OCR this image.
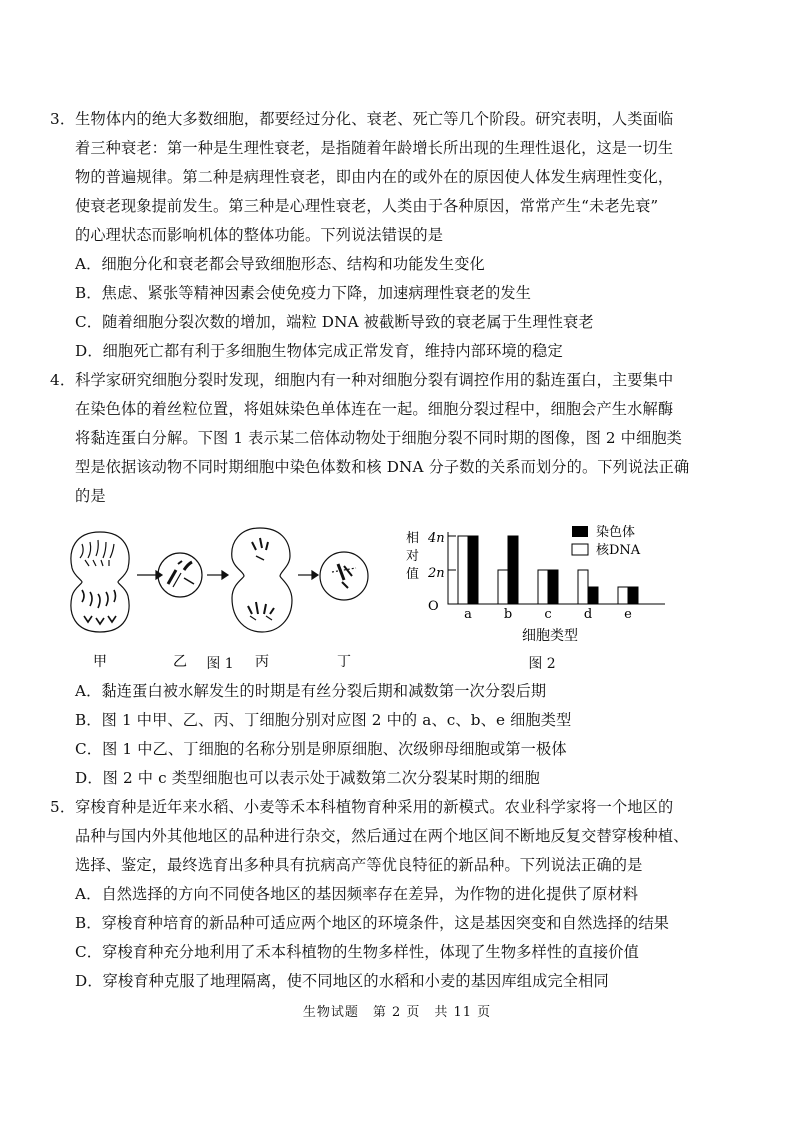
3．生物体内的绝大多数细胞，都要经过分化、衰老、死亡等几个阶段。研究表明，人类面临
着三种衰老：第一种是生理性衰老，是指随着年龄增长所出现的生理性退化，这是一切生
物的普遍规律。第二种是病理性衰老，即由内在的或外在的原因使人体发生病理性变化，
使衰老现象提前发生。第三种是心理性衰老，人类由于各种原因，常常产生“未老先衰”
的心理状态而影响机体的整体功能。下列说法错误的是
A．细胞分化和衰老都会导致细胞形态、结构和功能发生变化
B．焦虑、紧张等精神因素会使免疫力下降，加速病理性衰老的发生
C．随着细胞分裂次数的增加，端粒 DNA 被截断导致的衰老属于生理性衰老
D．细胞死亡都有利于多细胞生物体完成正常发育，维持内部环境的稳定
4．科学家研究细胞分裂时发现，细胞内有一种对细胞分裂有调控作用的黏连蛋白，主要集中
在染色体的着丝粒位置，将姐妹染色单体连在一起。细胞分裂过程中，细胞会产生水解酶
将黏连蛋白分解。下图 1 表示某二倍体动物处于细胞分裂不同时期的图像，图 2 中细胞类
型是依据该动物不同时期细胞中染色体数和核 DNA 分子数的关系而划分的。下列说法正确
的是
甲	乙	丙	丁
图 1
相
对
值
4n
2n
O
a b c d e
染色体
核DNA
细胞类型
图 2
A．黏连蛋白被水解发生的时期是有丝分裂后期和减数第一次分裂后期
B．图 1 中甲、乙、丙、丁细胞分别对应图 2 中的 a、c、b、e 细胞类型
C．图 1 中乙、丁细胞的名称分别是卵原细胞、次级卵母细胞或第一极体
D．图 2 中 c 类型细胞也可以表示处于减数第二次分裂某时期的细胞
5．穿梭育种是近年来水稻、小麦等禾本科植物育种采用的新模式。农业科学家将一个地区的
品种与国内外其他地区的品种进行杂交，然后通过在两个地区间不断地反复交替穿梭种植、
选择、鉴定，最终选育出多种具有抗病高产等优良特征的新品种。下列说法正确的是
A．自然选择的方向不同使各地区的基因频率存在差异，为作物的进化提供了原材料
B．穿梭育种培育的新品种可适应两个地区的环境条件，这是基因突变和自然选择的结果
C．穿梭育种充分地利用了禾本科植物的生物多样性，体现了生物多样性的直接价值
D．穿梭育种克服了地理隔离，使不同地区的水稻和小麦的基因库组成完全相同
生物试题　第 2 页　共 11 页
